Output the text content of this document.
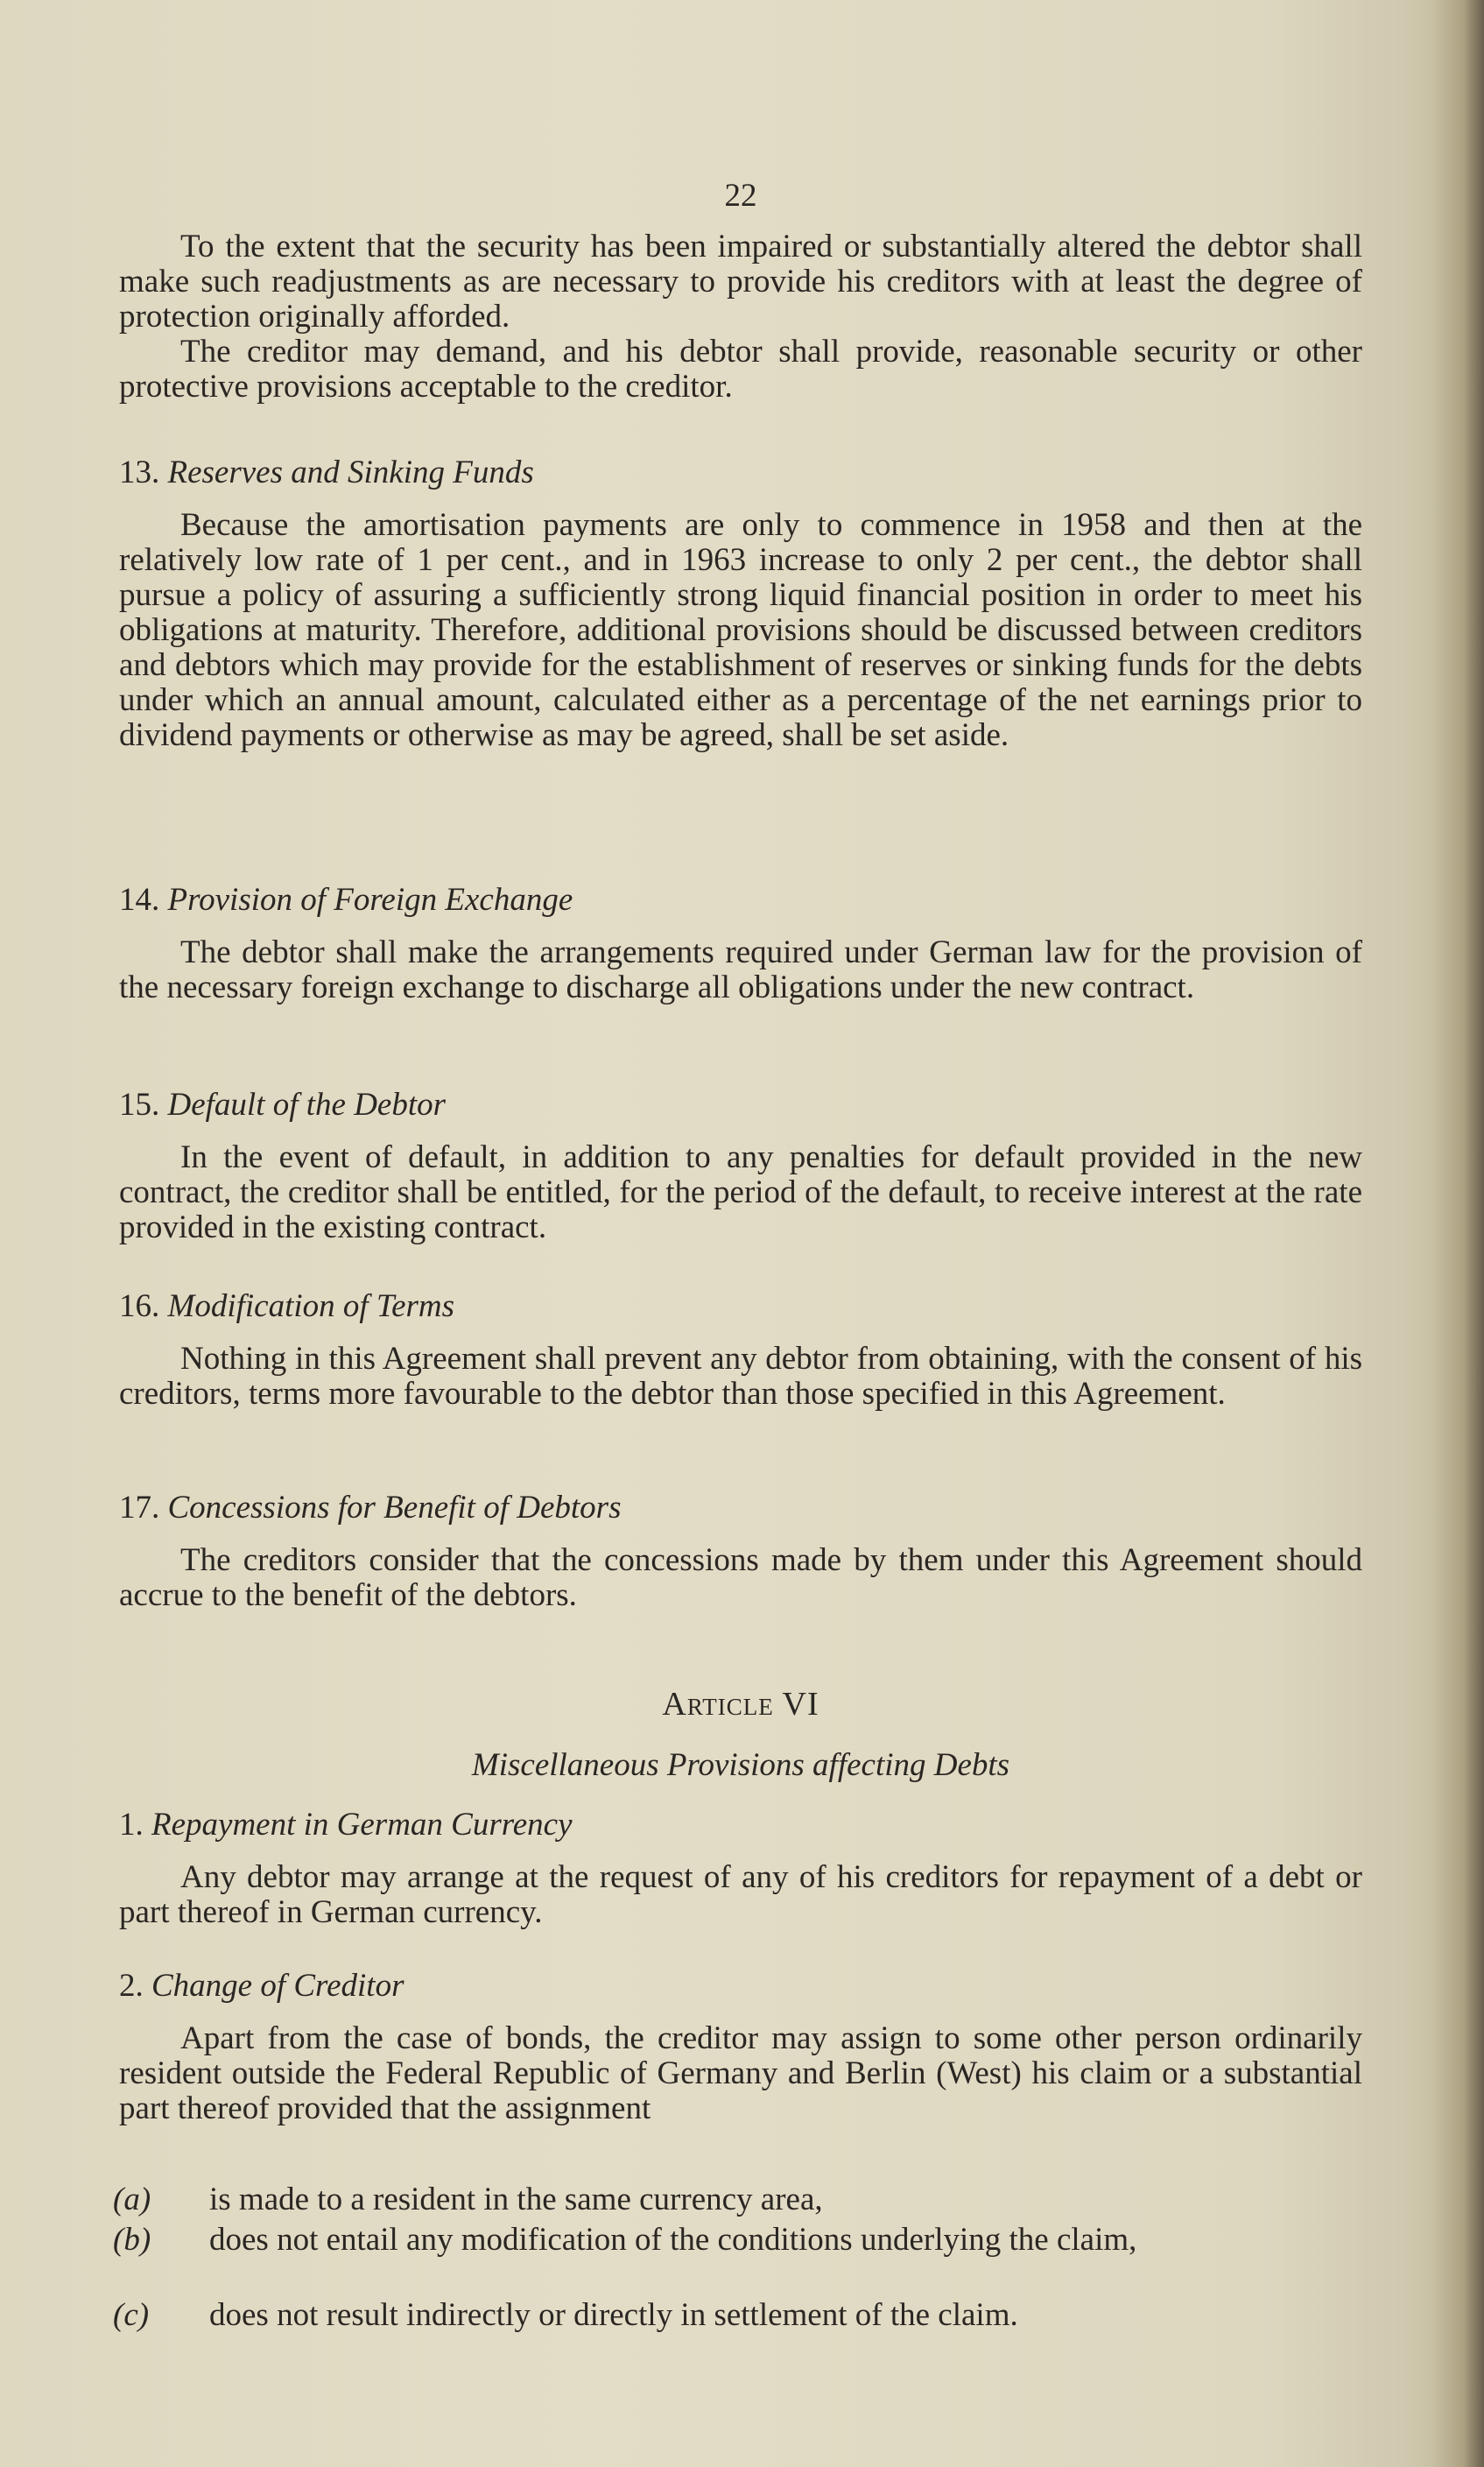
22

To the extent that the security has been impaired or substantially altered the debtor shall make such readjustments as are necessary to provide his creditors with at least the degree of protection originally afforded.

The creditor may demand, and his debtor shall provide, reasonable security or other protective provisions acceptable to the creditor.

13. Reserves and Sinking Funds

Because the amortisation payments are only to commence in 1958 and then at the relatively low rate of 1 per cent., and in 1963 increase to only 2 per cent., the debtor shall pursue a policy of assuring a sufficiently strong liquid financial position in order to meet his obligations at maturity. Therefore, additional provisions should be discussed between creditors and debtors which may provide for the establishment of reserves or sinking funds for the debts under which an annual amount, calculated either as a percentage of the net earnings prior to dividend payments or otherwise as may be agreed, shall be set aside.

14. Provision of Foreign Exchange

The debtor shall make the arrangements required under German law for the provision of the necessary foreign exchange to discharge all obligations under the new contract.

15. Default of the Debtor

In the event of default, in addition to any penalties for default provided in the new contract, the creditor shall be entitled, for the period of the default, to receive interest at the rate provided in the existing contract.

16. Modification of Terms

Nothing in this Agreement shall prevent any debtor from obtaining, with the consent of his creditors, terms more favourable to the debtor than those specified in this Agreement.

17. Concessions for Benefit of Debtors

The creditors consider that the concessions made by them under this Agreement should accrue to the benefit of the debtors.

Article VI

Miscellaneous Provisions affecting Debts

1. Repayment in German Currency

Any debtor may arrange at the request of any of his creditors for repayment of a debt or part thereof in German currency.

2. Change of Creditor

Apart from the case of bonds, the creditor may assign to some other person ordinarily resident outside the Federal Republic of Germany and Berlin (West) his claim or a substantial part thereof provided that the assignment

(a) is made to a resident in the same currency area,
(b) does not entail any modification of the conditions underlying the claim,
(c) does not result indirectly or directly in settlement of the claim.
